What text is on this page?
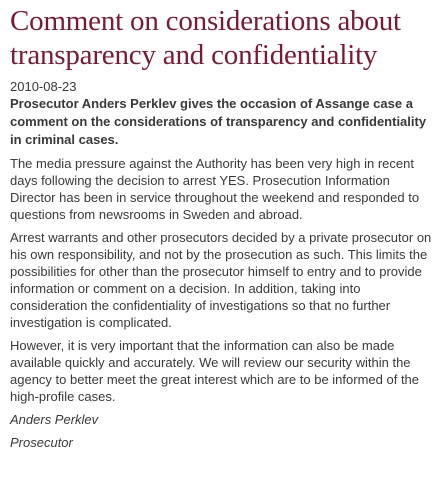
Comment on considerations about transparency and confidentiality

2010-08-23

Prosecutor Anders Perklev gives the occasion of Assange case a comment on the considerations of transparency and confidentiality in criminal cases.

The media pressure against the Authority has been very high in recent days following the decision to arrest YES. Prosecution Information Director has been in service throughout the weekend and responded to questions from newsrooms in Sweden and abroad.

Arrest warrants and other prosecutors decided by a private prosecutor on his own responsibility, and not by the prosecution as such. This limits the possibilities for other than the prosecutor himself to entry and to provide information or comment on a decision. In addition, taking into consideration the confidentiality of investigations so that no further investigation is complicated.

However, it is very important that the information can also be made available quickly and accurately. We will review our security within the agency to better meet the great interest which are to be informed of the high-profile cases.

Anders Perklev

Prosecutor
